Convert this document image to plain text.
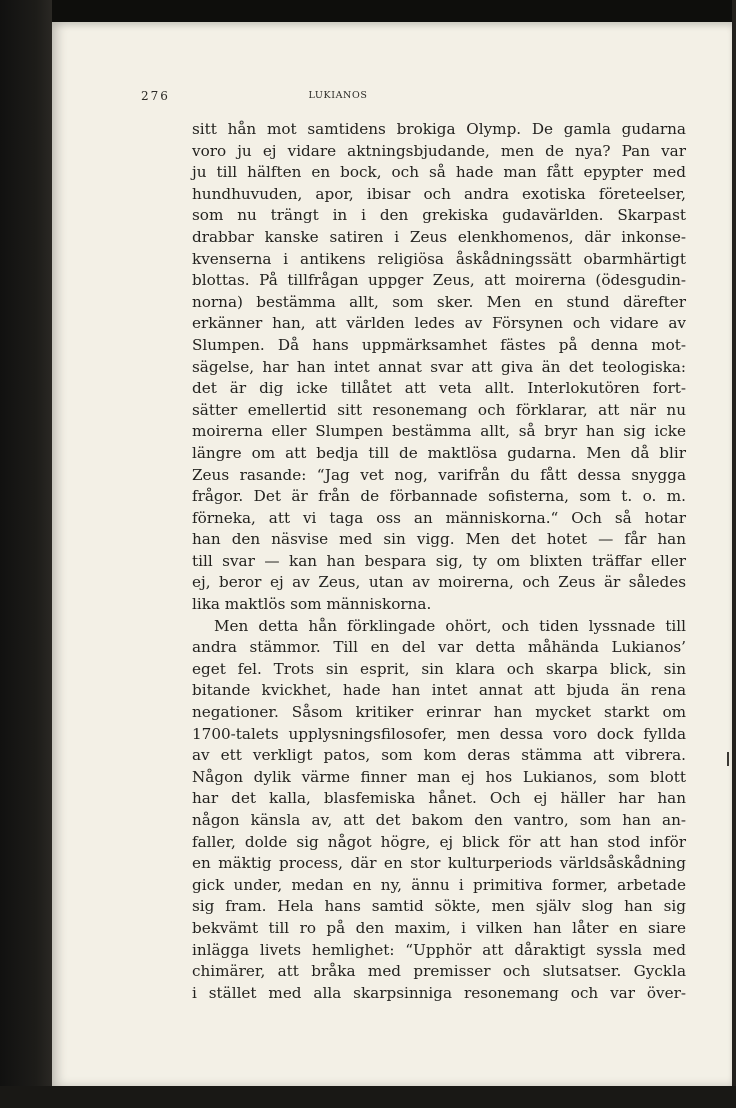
276	LUKIANOS
sitt hån mot samtidens brokiga Olymp. De gamla gudarna
voro ju ej vidare aktningsbjudande, men de nya? Pan var
ju till hälften en bock, och så hade man fått epypter med
hundhuvuden, apor, ibisar och andra exotiska företeelser,
som nu trängt in i den grekiska gudavärlden. Skarpast
drabbar kanske satiren i Zeus elenkhomenos, där inkonse-
kvenserna i antikens religiösa åskådningssätt obarmhärtigt
blottas. På tillfrågan uppger Zeus, att moirerna (ödesgudin-
norna) bestämma allt, som sker. Men en stund därefter
erkänner han, att världen ledes av Försynen och vidare av
Slumpen. Då hans uppmärksamhet fästes på denna mot-
sägelse, har han intet annat svar att giva än det teologiska:
det är dig icke tillåtet att veta allt. Interlokutören fort-
sätter emellertid sitt resonemang och förklarar, att när nu
moirerna eller Slumpen bestämma allt, så bryr han sig icke
längre om att bedja till de maktlösa gudarna. Men då blir
Zeus rasande: “Jag vet nog, varifrån du fått dessa snygga
frågor. Det är från de förbannade sofisterna, som t. o. m.
förneka, att vi taga oss an människorna.“ Och så hotar
han den näsvise med sin vigg. Men det hotet — får han
till svar — kan han bespara sig, ty om blixten träffar eller
ej, beror ej av Zeus, utan av moirerna, och Zeus är således
lika maktlös som människorna.
Men detta hån förklingade ohört, och tiden lyssnade till
andra stämmor. Till en del var detta måhända Lukianos’
eget fel. Trots sin esprit, sin klara och skarpa blick, sin
bitande kvickhet, hade han intet annat att bjuda än rena
negationer. Såsom kritiker erinrar han mycket starkt om
1700-talets upplysningsfilosofer, men dessa voro dock fyllda
av ett verkligt patos, som kom deras stämma att vibrera.
Någon dylik värme finner man ej hos Lukianos, som blott
har det kalla, blasfemiska hånet. Och ej häller har han
någon känsla av, att det bakom den vantro, som han an-
faller, dolde sig något högre, ej blick för att han stod inför
en mäktig process, där en stor kulturperiods världsåskådning
gick under, medan en ny, ännu i primitiva former, arbetade
sig fram. Hela hans samtid sökte, men själv slog han sig
bekvämt till ro på den maxim, i vilken han låter en siare
inlägga livets hemlighet: “Upphör att dåraktigt syssla med
chimärer, att bråka med premisser och slutsatser. Gyckla
i stället med alla skarpsinniga resonemang och var över-
